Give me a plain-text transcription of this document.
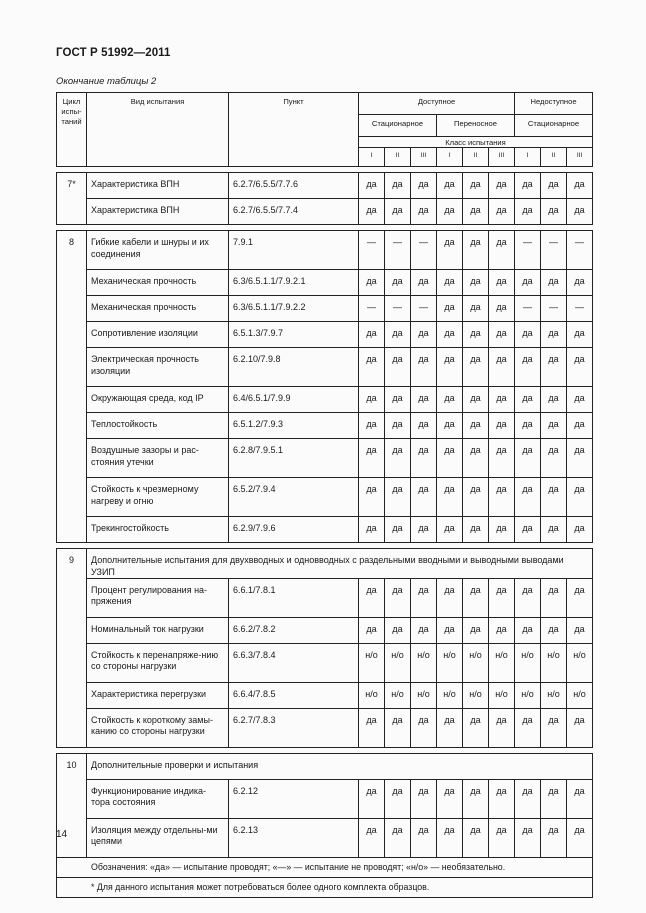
ГОСТ Р 51992—2011
Окончание таблицы 2
Цикл испы-таний	Вид испытания	Пункт	Доступное						Недоступное		
			Стационарное			Переносное			Стационарное		
			Класс испытания								
			I	II	III	I	II	III	I	II	III

7*	Характеристика ВПН	6.2.7/6.5.5/7.7.6	да	да	да	да	да	да	да	да	да
	Характеристика ВПН	6.2.7/6.5.5/7.7.4	да	да	да	да	да	да	да	да	да

8	Гибкие кабели и шнуры и их соединения	7.9.1	—	—	—	да	да	да	—	—	—
	Механическая прочность	6.3/6.5.1.1/7.9.2.1	да	да	да	да	да	да	да	да	да
	Механическая прочность	6.3/6.5.1.1/7.9.2.2	—	—	—	да	да	да	—	—	—
	Сопротивление изоляции	6.5.1.3/7.9.7	да	да	да	да	да	да	да	да	да
	Электрическая прочность изоляции	6.2.10/7.9.8	да	да	да	да	да	да	да	да	да
	Окружающая среда, код IP	6.4/6.5.1/7.9.9	да	да	да	да	да	да	да	да	да
	Теплостойкость	6.5.1.2/7.9.3	да	да	да	да	да	да	да	да	да
	Воздушные зазоры и рас-стояния утечки	6.2.8/7.9.5.1	да	да	да	да	да	да	да	да	да
	Стойкость к чрезмерному нагреву и огню	6.5.2/7.9.4	да	да	да	да	да	да	да	да	да
	Трекингостойкость	6.2.9/7.9.6	да	да	да	да	да	да	да	да	да

9	Дополнительные испытания для двухвводных и одновводных с раздельными вводными и выводными выводами УЗИП										
	Процент регулирования на-пряжения	6.6.1/7.8.1	да	да	да	да	да	да	да	да	да
	Номинальный ток нагрузки	6.6.2/7.8.2	да	да	да	да	да	да	да	да	да
	Стойкость к перенапряже-нию со стороны нагрузки	6.6.3/7.8.4	н/о	н/о	н/о	н/о	н/о	н/о	н/о	н/о	н/о
	Характеристика перегрузки	6.6.4/7.8.5	н/о	н/о	н/о	н/о	н/о	н/о	н/о	н/о	н/о
	Стойкость к короткому замы-канию со стороны нагрузки	6.2.7/7.8.3	да	да	да	да	да	да	да	да	да

10	Дополнительные проверки и испытания										
	Функционирование индика-тора состояния	6.2.12	да	да	да	да	да	да	да	да	да
	Изоляция между отдельны-ми цепями	6.2.13	да	да	да	да	да	да	да	да	да
Обозначения: «да» — испытание проводят; «—» — испытание не проводят; «н/о» — необязательно.											
* Для данного испытания может потребоваться более одного комплекта образцов.											
14
